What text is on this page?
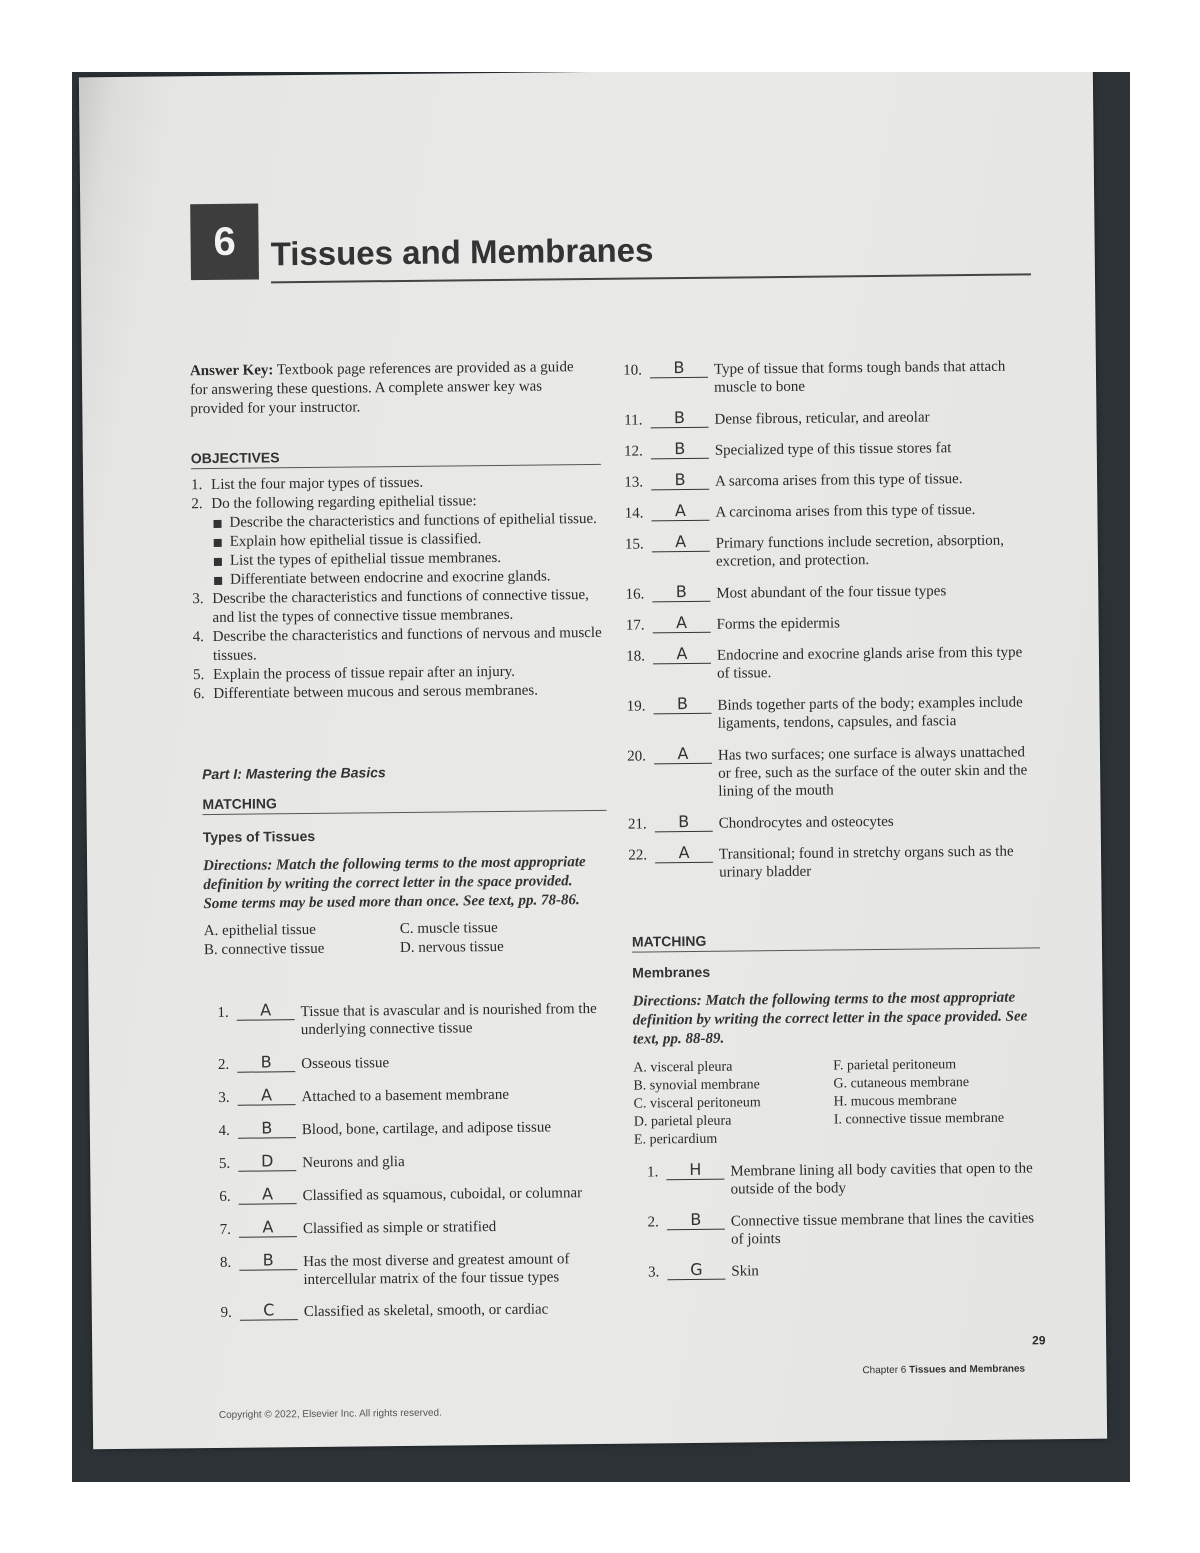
6	Tissues and Membranes
Answer Key: Textbook page references are provided as a guide for answering these questions. A complete answer key was provided for your instructor.
OBJECTIVES
1. List the four major types of tissues.
2. Do the following regarding epithelial tissue:
Describe the characteristics and functions of epithelial tissue.
Explain how epithelial tissue is classified.
List the types of epithelial tissue membranes.
Differentiate between endocrine and exocrine glands.
3. Describe the characteristics and functions of connective tissue, and list the types of connective tissue membranes.
4. Describe the characteristics and functions of nervous and muscle tissues.
5. Explain the process of tissue repair after an injury.
6. Differentiate between mucous and serous membranes.
Part I: Mastering the Basics
MATCHING
Types of Tissues
Directions: Match the following terms to the most appropriate definition by writing the correct letter in the space provided. Some terms may be used more than once. See text, pp. 78-86.
A. epithelial tissue	C. muscle tissue
B. connective tissue	D. nervous tissue
1.	A	Tissue that is avascular and is nourished from the underlying connective tissue
2.	B	Osseous tissue
3.	A	Attached to a basement membrane
4.	B	Blood, bone, cartilage, and adipose tissue
5.	D	Neurons and glia
6.	A	Classified as squamous, cuboidal, or columnar
7.	A	Classified as simple or stratified
8.	B	Has the most diverse and greatest amount of intercellular matrix of the four tissue types
9.	C	Classified as skeletal, smooth, or cardiac
10.	B	Type of tissue that forms tough bands that attach muscle to bone
11.	B	Dense fibrous, reticular, and areolar
12.	B	Specialized type of this tissue stores fat
13.	B	A sarcoma arises from this type of tissue.
14.	A	A carcinoma arises from this type of tissue.
15.	A	Primary functions include secretion, absorption, excretion, and protection.
16.	B	Most abundant of the four tissue types
17.	A	Forms the epidermis
18.	A	Endocrine and exocrine glands arise from this type of tissue.
19.	B	Binds together parts of the body; examples include ligaments, tendons, capsules, and fascia
20.	A	Has two surfaces; one surface is always unattached or free, such as the surface of the outer skin and the lining of the mouth
21.	B	Chondrocytes and osteocytes
22.	A	Transitional; found in stretchy organs such as the urinary bladder
MATCHING
Membranes
Directions: Match the following terms to the most appropriate definition by writing the correct letter in the space provided. See text, pp. 88-89.
A. visceral pleura
B. synovial membrane
C. visceral peritoneum
D. parietal pleura
E. pericardium
F. parietal peritoneum
G. cutaneous membrane
H. mucous membrane
I. connective tissue membrane
1.	H	Membrane lining all body cavities that open to the outside of the body
2.	B	Connective tissue membrane that lines the cavities of joints
3.	G	Skin
29
Chapter 6 Tissues and Membranes
Copyright © 2022, Elsevier Inc. All rights reserved.
